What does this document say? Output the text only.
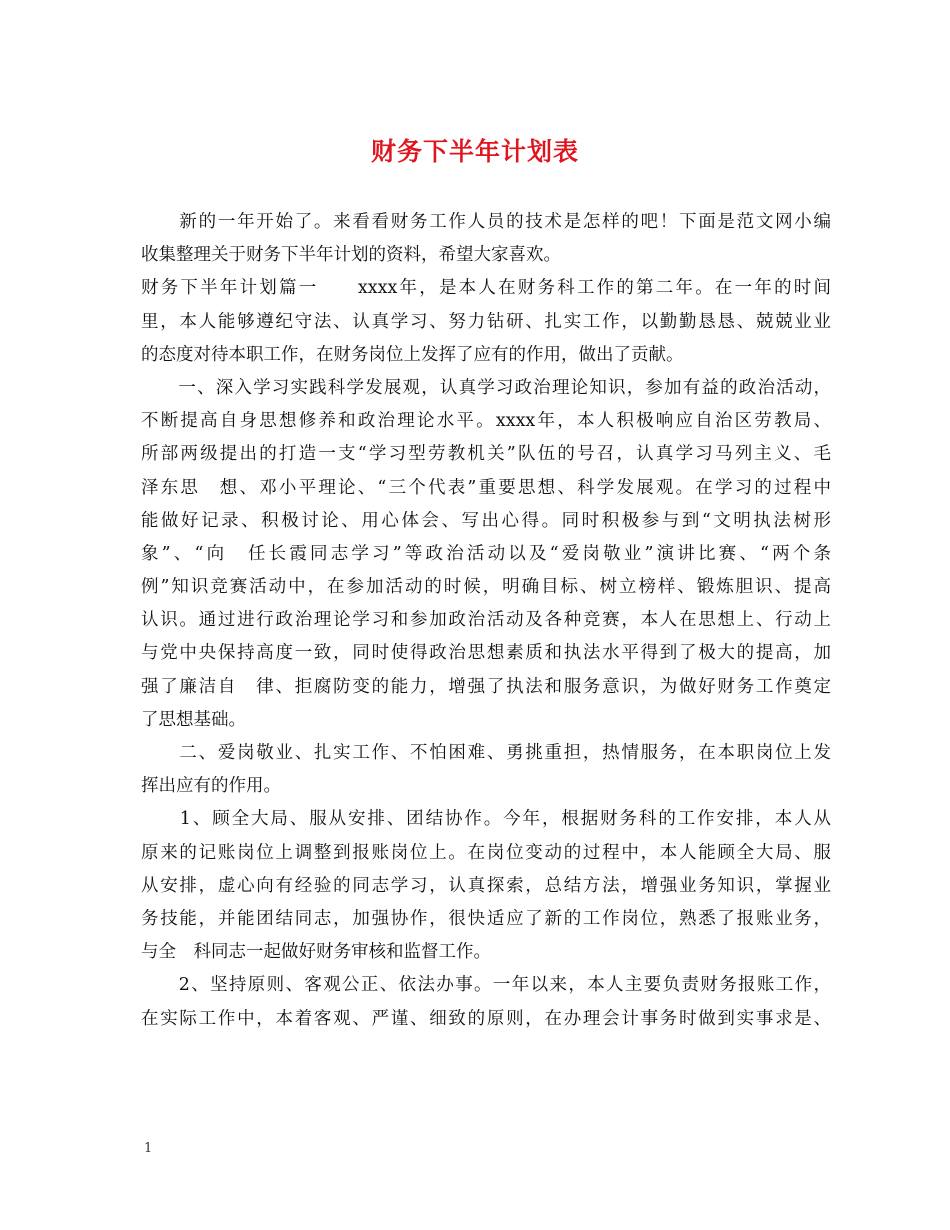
财务下半年计划表
　　新的一年开始了。来看看财务工作人员的技术是怎样的吧！下面是范文网小编
收集整理关于财务下半年计划的资料，希望大家喜欢。
财务下半年计划篇一　　xxxx年，是本人在财务科工作的第二年。在一年的时间
里，本人能够遵纪守法、认真学习、努力钻研、扎实工作，以勤勤恳恳、兢兢业业
的态度对待本职工作，在财务岗位上发挥了应有的作用，做出了贡献。
　　一、深入学习实践科学发展观，认真学习政治理论知识，参加有益的政治活动，
不断提高自身思想修养和政治理论水平。xxxx年，本人积极响应自治区劳教局、
所部两级提出的打造一支“学习型劳教机关”队伍的号召，认真学习马列主义、毛
泽东思　想、邓小平理论、“三个代表”重要思想、科学发展观。在学习的过程中
能做好记录、积极讨论、用心体会、写出心得。同时积极参与到“文明执法树形
象”、“向　任长霞同志学习”等政治活动以及“爱岗敬业”演讲比赛、“两个条
例”知识竞赛活动中，在参加活动的时候，明确目标、树立榜样、锻炼胆识、提高
认识。通过进行政治理论学习和参加政治活动及各种竞赛，本人在思想上、行动上
与党中央保持高度一致，同时使得政治思想素质和执法水平得到了极大的提高，加
强了廉洁自　律、拒腐防变的能力，增强了执法和服务意识，为做好财务工作奠定
了思想基础。
　　二、爱岗敬业、扎实工作、不怕困难、勇挑重担，热情服务，在本职岗位上发
挥出应有的作用。
　　1、顾全大局、服从安排、团结协作。今年，根据财务科的工作安排，本人从
原来的记账岗位上调整到报账岗位上。在岗位变动的过程中，本人能顾全大局、服
从安排，虚心向有经验的同志学习，认真探索，总结方法，增强业务知识，掌握业
务技能，并能团结同志，加强协作，很快适应了新的工作岗位，熟悉了报账业务，
与全　科同志一起做好财务审核和监督工作。
　　2、坚持原则、客观公正、依法办事。一年以来，本人主要负责财务报账工作，
在实际工作中，本着客观、严谨、细致的原则，在办理会计事务时做到实事求是、
1
